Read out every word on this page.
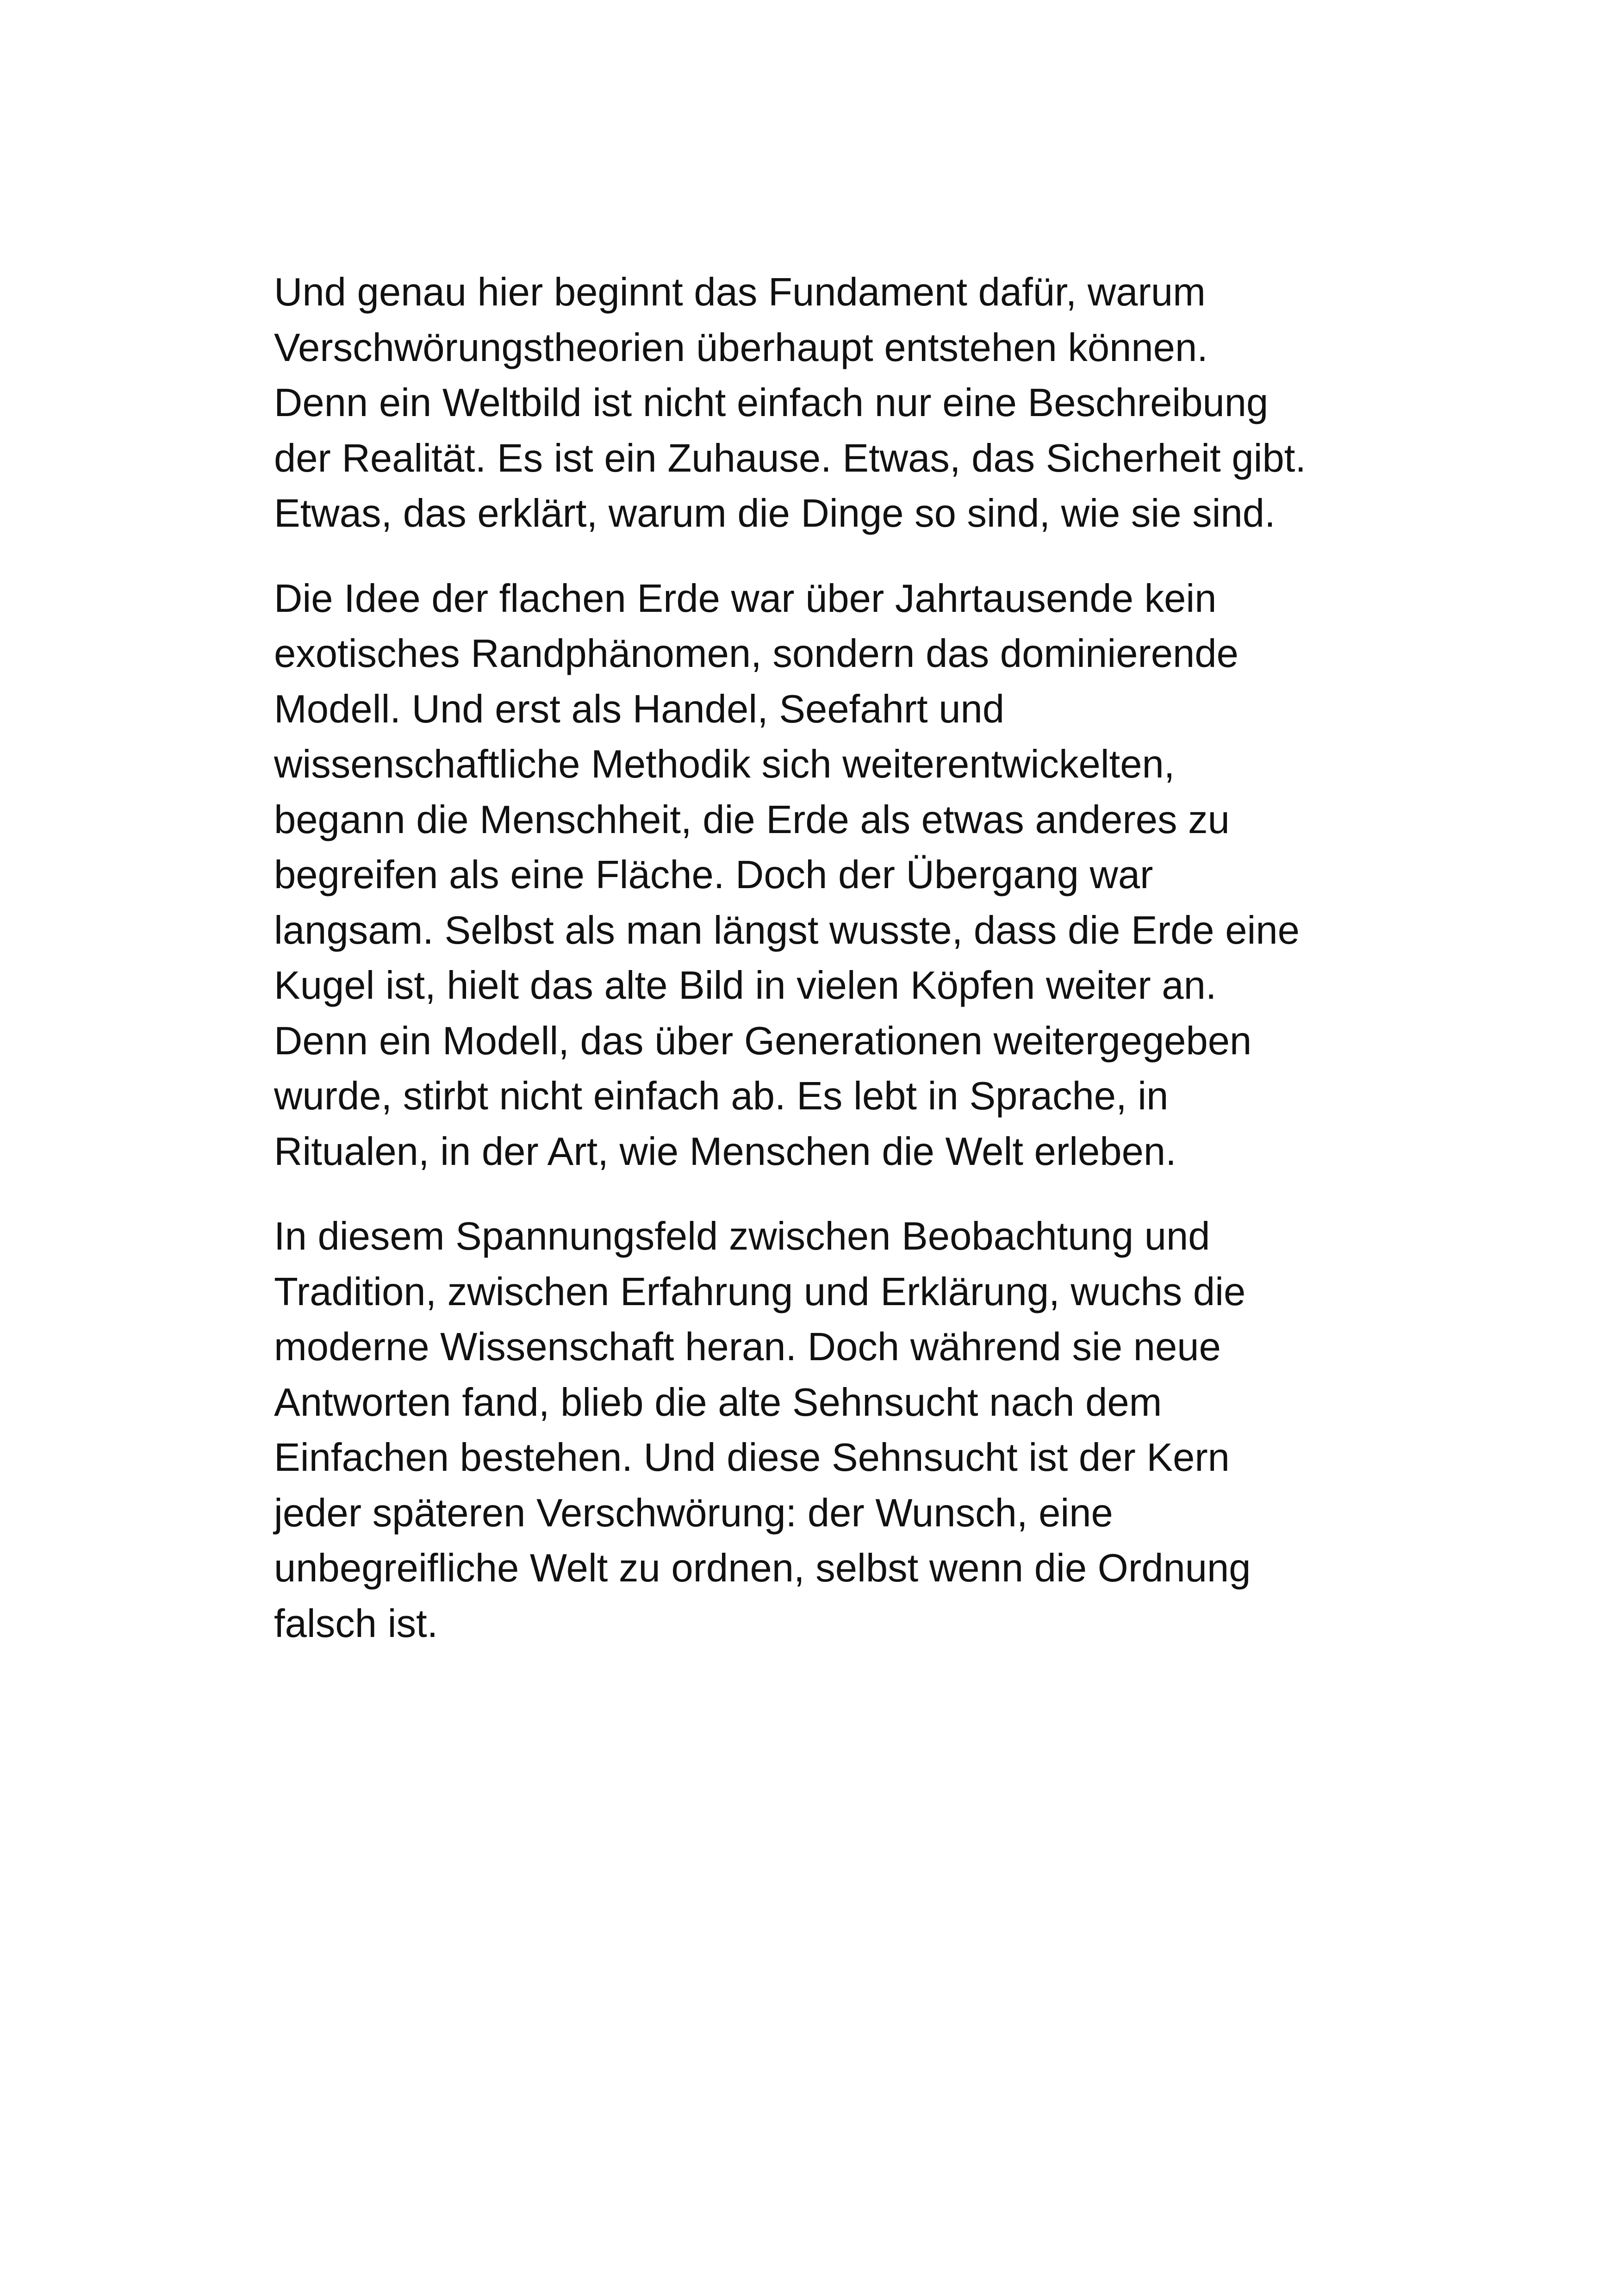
Und genau hier beginnt das Fundament dafür, warum
Verschwörungstheorien überhaupt entstehen können.
Denn ein Weltbild ist nicht einfach nur eine Beschreibung
der Realität. Es ist ein Zuhause. Etwas, das Sicherheit gibt.
Etwas, das erklärt, warum die Dinge so sind, wie sie sind.

Die Idee der flachen Erde war über Jahrtausende kein
exotisches Randphänomen, sondern das dominierende
Modell. Und erst als Handel, Seefahrt und
wissenschaftliche Methodik sich weiterentwickelten,
begann die Menschheit, die Erde als etwas anderes zu
begreifen als eine Fläche. Doch der Übergang war
langsam. Selbst als man längst wusste, dass die Erde eine
Kugel ist, hielt das alte Bild in vielen Köpfen weiter an.
Denn ein Modell, das über Generationen weitergegeben
wurde, stirbt nicht einfach ab. Es lebt in Sprache, in
Ritualen, in der Art, wie Menschen die Welt erleben.

In diesem Spannungsfeld zwischen Beobachtung und
Tradition, zwischen Erfahrung und Erklärung, wuchs die
moderne Wissenschaft heran. Doch während sie neue
Antworten fand, blieb die alte Sehnsucht nach dem
Einfachen bestehen. Und diese Sehnsucht ist der Kern
jeder späteren Verschwörung: der Wunsch, eine
unbegreifliche Welt zu ordnen, selbst wenn die Ordnung
falsch ist.
